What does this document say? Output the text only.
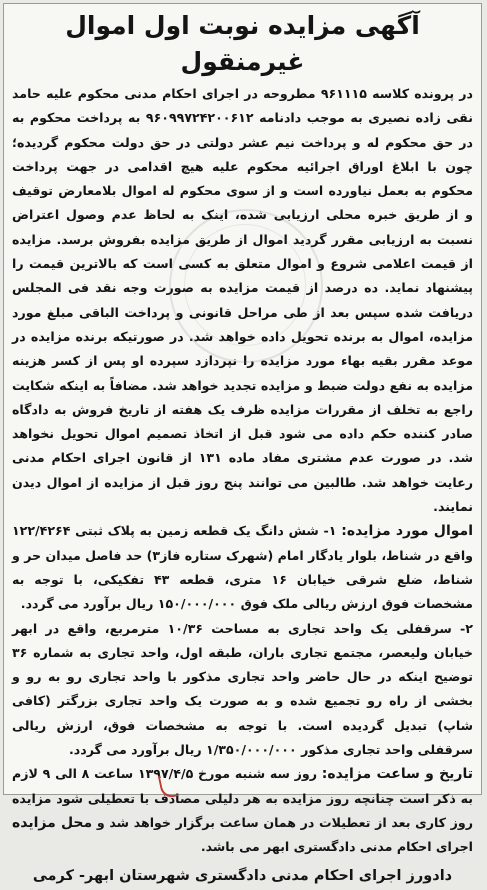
آگهی مزایده نوبت اول اموال غیرمنقول

در پرونده کلاسه ۹۶۱۱۱۵ مطروحه در اجرای احکام مدنی محکوم علیه حامد نقی زاده نصیری به موجب دادنامه ۹۶۰۹۹۷۲۴۲۰۰۶۱۲ به پرداخت محکوم به در حق محکوم له و پرداخت نیم عشر دولتی در حق دولت محکوم گردیده؛ چون با ابلاغ اوراق اجرائیه محکوم علیه هیچ اقدامی در جهت پرداخت محکوم به بعمل نیاورده است و از سوی محکوم له اموال بلامعارض توقیف و از طریق خبره محلی ارزیابی شده، اینک به لحاظ عدم وصول اعتراض نسبت به ارزیابی مقرر گردید اموال از طریق مزایده بفروش برسد. مزایده از قیمت اعلامی شروع و اموال متعلق به کسی است که بالاترین قیمت را پیشنهاد نماید. ده درصد از قیمت مزایده به صورت وجه نقد فی المجلس دریافت شده سپس بعد از طی مراحل قانونی و پرداخت الباقی مبلغ مورد مزایده، اموال به برنده تحویل داده خواهد شد. در صورتیکه برنده مزایده در موعد مقرر بقیه بهاء مورد مزایده را نپردازد سپرده او پس از کسر هزینه مزایده به نفع دولت ضبط و مزایده تجدید خواهد شد. مضافاً به اینکه شکایت راجع به تخلف از مقررات مزایده ظرف یک هفته از تاریخ فروش به دادگاه صادر کننده حکم داده می شود قبل از اتخاذ تصمیم اموال تحویل نخواهد شد. در صورت عدم مشتری مفاد ماده ۱۳۱ از قانون اجرای احکام مدنی رعایت خواهد شد. طالبین می توانند پنج روز قبل از مزایده از اموال دیدن نمایند.

اموال مورد مزایده: ۱- شش دانگ یک قطعه زمین به پلاک ثبتی ۱۲۲/۴۲۶۴ واقع در شناط، بلوار یادگار امام (شهرک ستاره فاز۳) حد فاصل میدان حر و شناط، ضلع شرقی خیابان ۱۶ متری، قطعه ۴۳ تفکیکی، با توجه به مشخصات فوق ارزش ریالی ملک فوق ۱۵۰/۰۰۰/۰۰۰ ریال برآورد می گردد.

۲- سرقفلی یک واحد تجاری به مساحت ۱۰/۳۶ مترمربع، واقع در ابهر خیابان ولیعصر، مجتمع تجاری باران، طبقه اول، واحد تجاری به شماره ۳۶ توضیح اینکه در حال حاضر واحد تجاری مذکور با واحد تجاری رو به رو و بخشی از راه رو تجمیع شده و به صورت یک واحد تجاری بزرگتر (کافی شاپ) تبدیل گردیده است. با توجه به مشخصات فوق، ارزش ریالی سرقفلی واحد تجاری مذکور ۱/۳۵۰/۰۰۰/۰۰۰ ریال برآورد می گردد.

تاریخ و ساعت مزایده: روز سه شنبه مورخ ۱۳۹۷/۴/۵ ساعت ۸ الی ۹ لازم به ذکر است چنانچه روز مزایده به هر دلیلی مصادف با تعطیلی شود مزایده روز کاری بعد از تعطیلات در همان ساعت برگزار خواهد شد و محل مزایده اجرای احکام مدنی دادگستری ابهر می باشد.

دادورز اجرای احکام مدنی دادگستری شهرستان ابهر- کرمی
